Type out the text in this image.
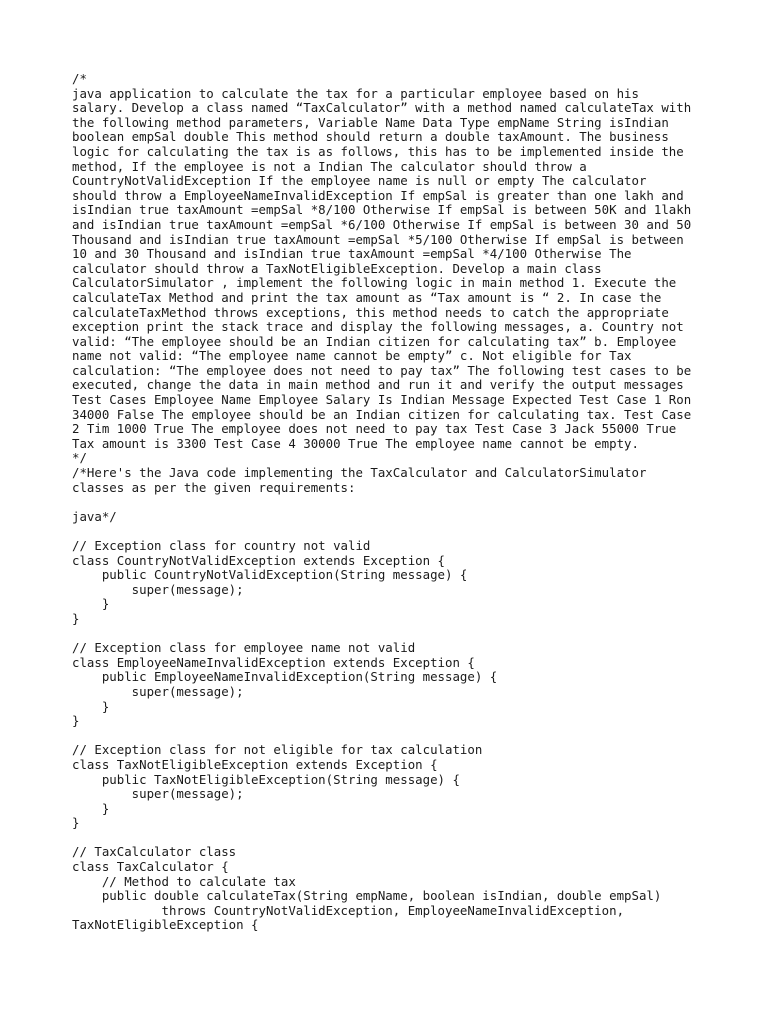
/*
java application to calculate the tax for a particular employee based on his
salary. Develop a class named “TaxCalculator” with a method named calculateTax with
the following method parameters, Variable Name Data Type empName String isIndian
boolean empSal double This method should return a double taxAmount. The business
logic for calculating the tax is as follows, this has to be implemented inside the
method, If the employee is not a Indian The calculator should throw a
CountryNotValidException If the employee name is null or empty The calculator
should throw a EmployeeNameInvalidException If empSal is greater than one lakh and
isIndian true taxAmount =empSal *8/100 Otherwise If empSal is between 50K and 1lakh
and isIndian true taxAmount =empSal *6/100 Otherwise If empSal is between 30 and 50
Thousand and isIndian true taxAmount =empSal *5/100 Otherwise If empSal is between
10 and 30 Thousand and isIndian true taxAmount =empSal *4/100 Otherwise The
calculator should throw a TaxNotEligibleException. Develop a main class
CalculatorSimulator , implement the following logic in main method 1. Execute the
calculateTax Method and print the tax amount as “Tax amount is “ 2. In case the
calculateTaxMethod throws exceptions, this method needs to catch the appropriate
exception print the stack trace and display the following messages, a. Country not
valid: “The employee should be an Indian citizen for calculating tax” b. Employee
name not valid: “The employee name cannot be empty” c. Not eligible for Tax
calculation: “The employee does not need to pay tax” The following test cases to be
executed, change the data in main method and run it and verify the output messages
Test Cases Employee Name Employee Salary Is Indian Message Expected Test Case 1 Ron
34000 False The employee should be an Indian citizen for calculating tax. Test Case
2 Tim 1000 True The employee does not need to pay tax Test Case 3 Jack 55000 True
Tax amount is 3300 Test Case 4 30000 True The employee name cannot be empty.
*/
/*Here's the Java code implementing the TaxCalculator and CalculatorSimulator
classes as per the given requirements:
java*/
// Exception class for country not valid
class CountryNotValidException extends Exception {
public CountryNotValidException(String message) {
super(message);
}
}
// Exception class for employee name not valid
class EmployeeNameInvalidException extends Exception {
public EmployeeNameInvalidException(String message) {
super(message);
}
}
// Exception class for not eligible for tax calculation
class TaxNotEligibleException extends Exception {
public TaxNotEligibleException(String message) {
super(message);
}
}
// TaxCalculator class
class TaxCalculator {
// Method to calculate tax
public double calculateTax(String empName, boolean isIndian, double empSal)
throws CountryNotValidException, EmployeeNameInvalidException,
TaxNotEligibleException {
